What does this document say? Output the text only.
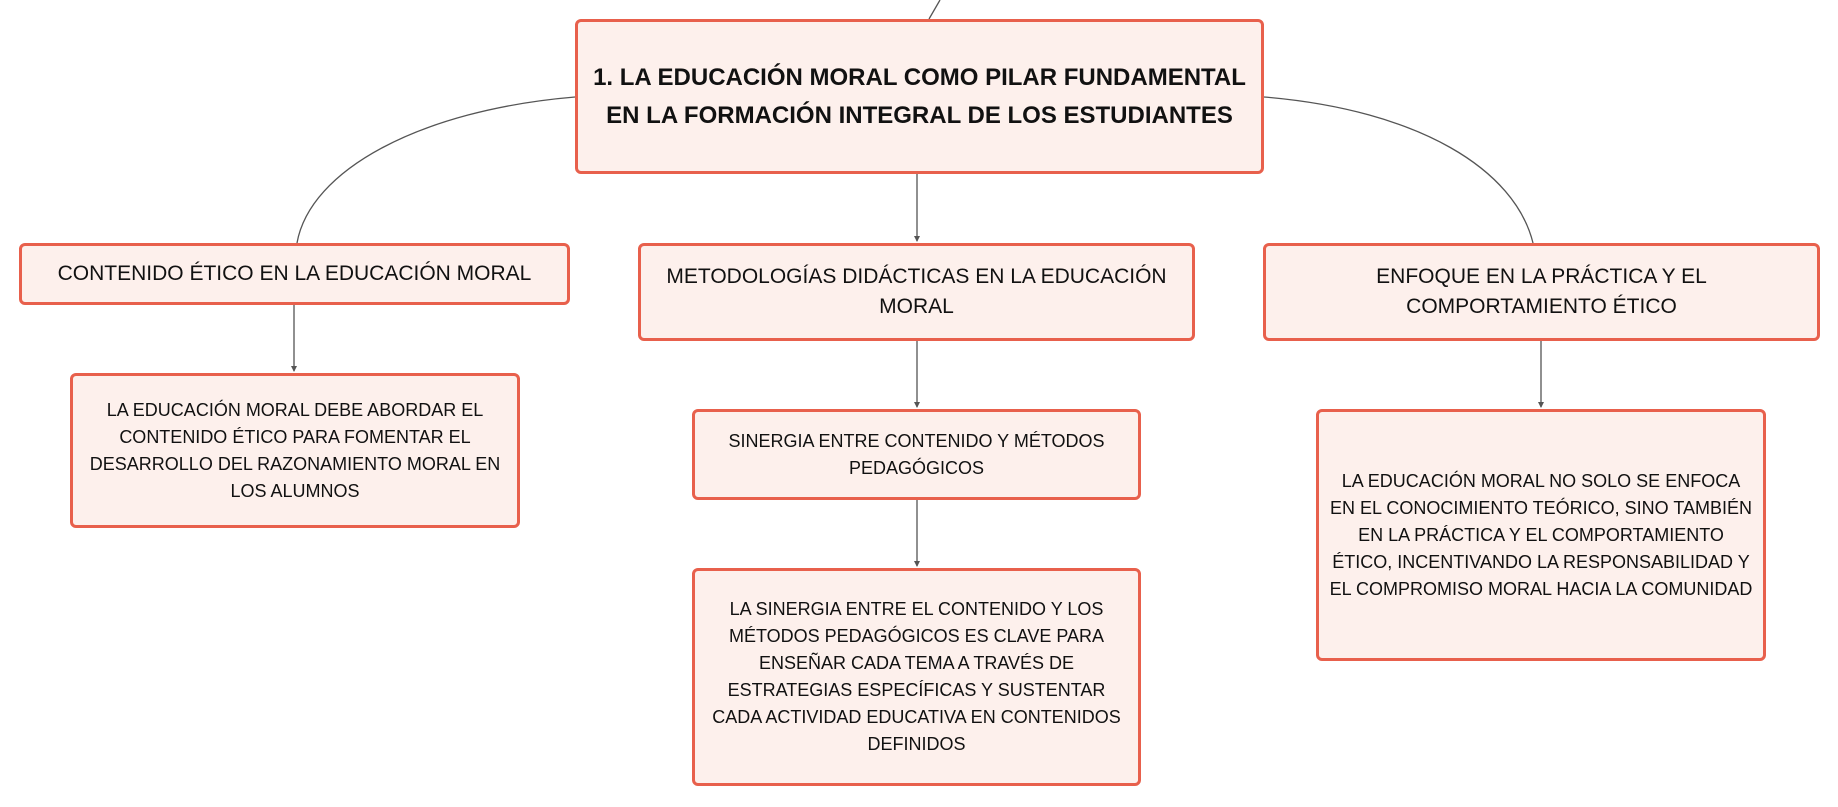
1. LA EDUCACIÓN MORAL COMO PILAR FUNDAMENTAL EN LA FORMACIÓN INTEGRAL DE LOS ESTUDIANTES
CONTENIDO ÉTICO EN LA EDUCACIÓN MORAL	METODOLOGÍAS DIDÁCTICAS EN LA EDUCACIÓN MORAL
ENFOQUE EN LA PRÁCTICA Y EL COMPORTAMIENTO ÉTICO
LA EDUCACIÓN MORAL DEBE ABORDAR EL CONTENIDO ÉTICO PARA FOMENTAR EL DESARROLLO DEL RAZONAMIENTO MORAL EN LOS ALUMNOS
SINERGIA ENTRE CONTENIDO Y MÉTODOS PEDAGÓGICOS
LA SINERGIA ENTRE EL CONTENIDO Y LOS MÉTODOS PEDAGÓGICOS ES CLAVE PARA ENSEÑAR CADA TEMA A TRAVÉS DE ESTRATEGIAS ESPECÍFICAS Y SUSTENTAR CADA ACTIVIDAD EDUCATIVA EN CONTENIDOS DEFINIDOS
LA EDUCACIÓN MORAL NO SOLO SE ENFOCA EN EL CONOCIMIENTO TEÓRICO, SINO TAMBIÉN EN LA PRÁCTICA Y EL COMPORTAMIENTO ÉTICO, INCENTIVANDO LA RESPONSABILIDAD Y EL COMPROMISO MORAL HACIA LA COMUNIDAD
